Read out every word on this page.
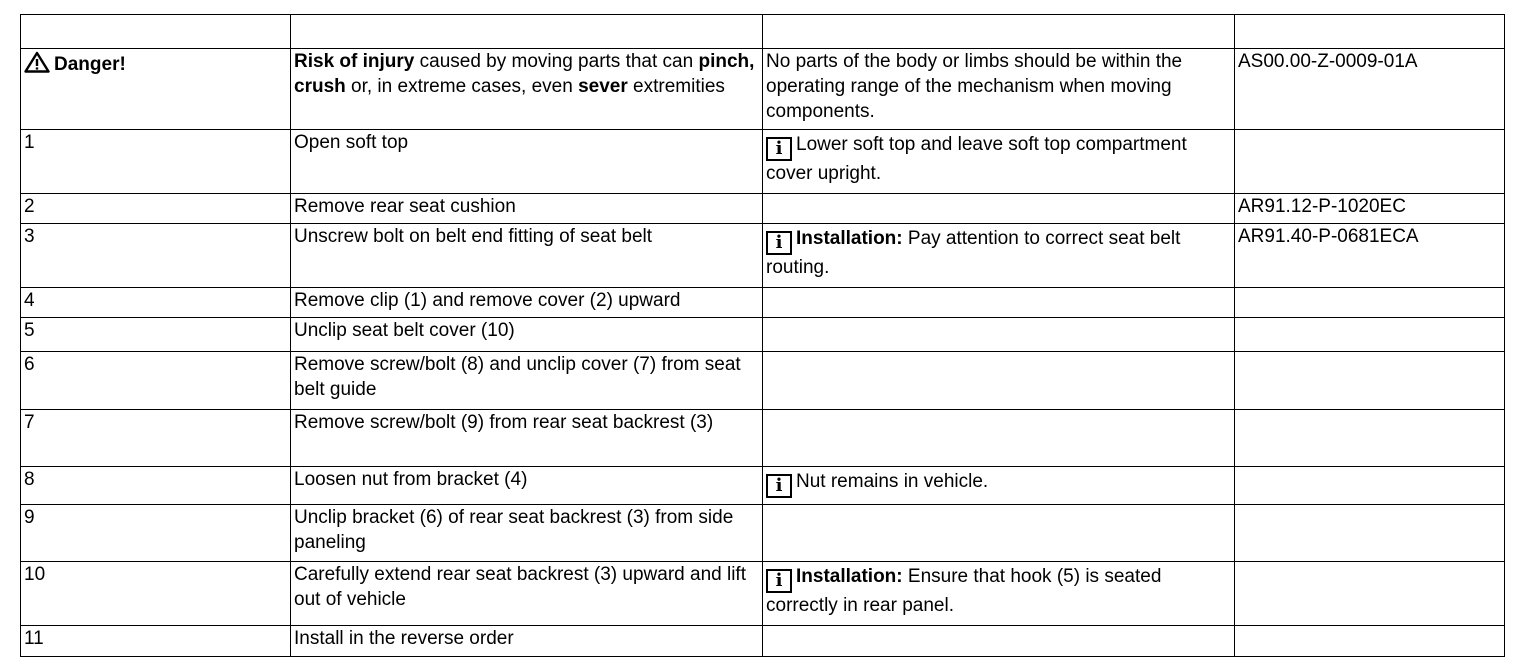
Danger!	Risk of injury caused by moving parts that can pinch, crush or, in extreme cases, even sever extremities	No parts of the body or limbs should be within the operating range of the mechanism when moving components.	AS00.00-Z-0009-01A
1	Open soft top	i Lower soft top and leave soft top compartment cover upright.	
2	Remove rear seat cushion		AR91.12-P-1020EC
3	Unscrew bolt on belt end fitting of seat belt	i Installation: Pay attention to correct seat belt routing.	AR91.40-P-0681ECA
4	Remove clip (1) and remove cover (2) upward		
5	Unclip seat belt cover (10)		
6	Remove screw/bolt (8) and unclip cover (7) from seat belt guide		
7	Remove screw/bolt (9) from rear seat backrest (3)		
8	Loosen nut from bracket (4)	i Nut remains in vehicle.	
9	Unclip bracket (6) of rear seat backrest (3) from side paneling		
10	Carefully extend rear seat backrest (3) upward and lift out of vehicle	i Installation: Ensure that hook (5) is seated correctly in rear panel.	
11	Install in the reverse order		
